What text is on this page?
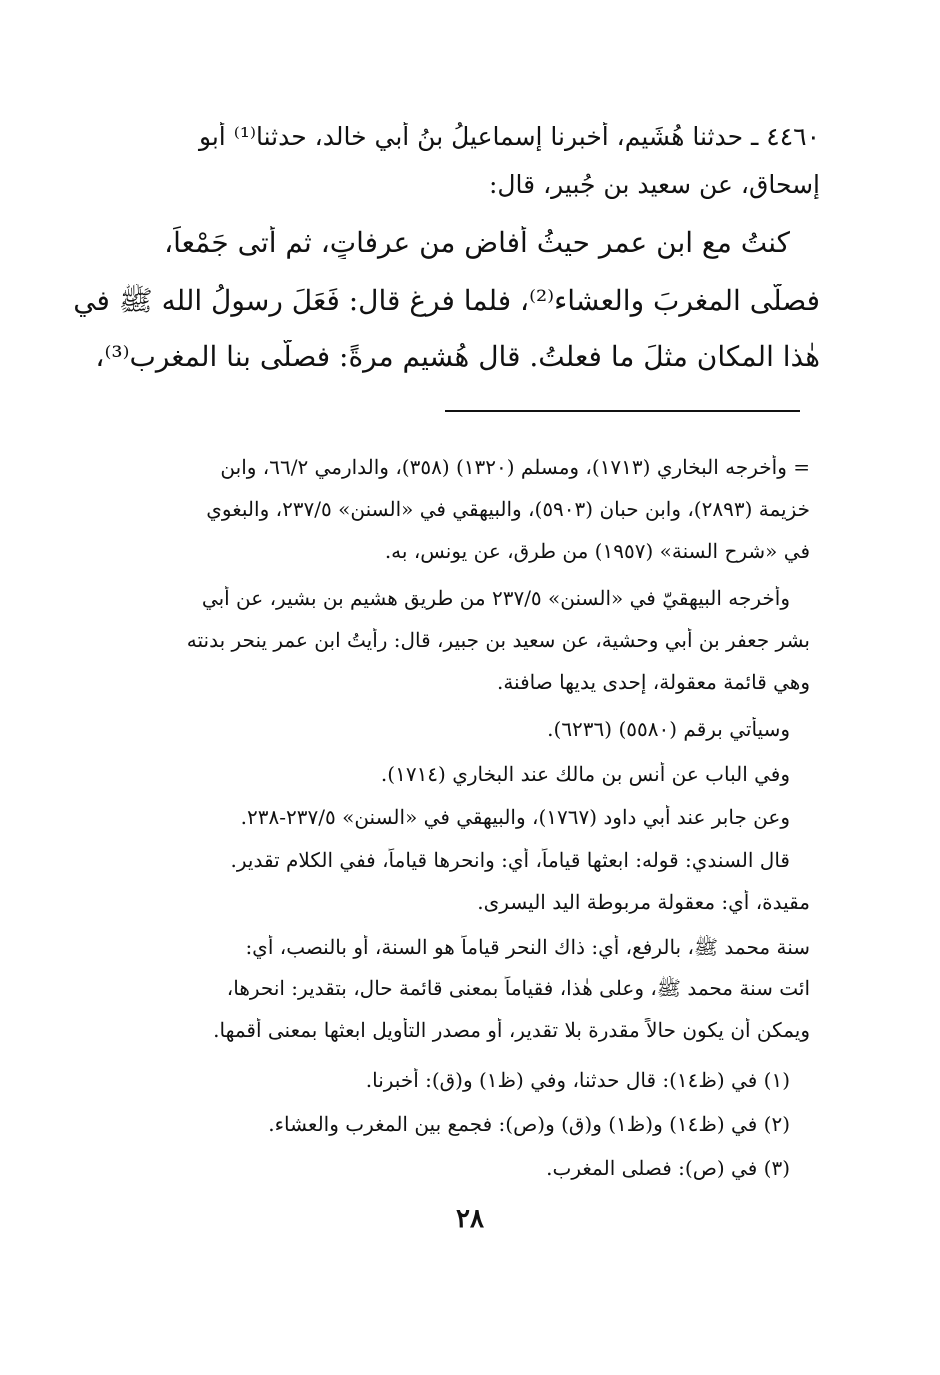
٤٤٦٠ ـ حدثنا هُشَيم، أخبرنا إسماعيلُ بنُ أبي خالد، حدثنا⁽¹⁾ أبو
إسحاق، عن سعيد بن جُبير، قال:
كنتُ مع ابن عمر حيثُ أفاض من عرفاتٍ، ثم أتى جَمْعاً،
فصلَّى المغربَ والعشاء⁽²⁾، فلما فرغ قال: فَعَلَ رسولُ الله ﷺ في
هٰذا المكان مثلَ ما فعلتُ. قال هُشيم مرةً: فصلَّى بنا المغرب⁽³⁾،
= وأخرجه البخاري (١٧١٣)، ومسلم (١٣٢٠) (٣٥٨)، والدارمي ٦٦/٢، وابن
خزيمة (٢٨٩٣)، وابن حبان (٥٩٠٣)، والبيهقي في «السنن» ٢٣٧/٥، والبغوي
في «شرح السنة» (١٩٥٧) من طرق، عن يونس، به.
وأخرجه البيهقيّ في «السنن» ٢٣٧/٥ من طريق هشيم بن بشير، عن أبي
بشر جعفر بن أبي وحشية، عن سعيد بن جبير، قال: رأيتُ ابن عمر ينحر بدنته
وهي قائمة معقولة، إحدى يديها صافنة.
وسيأتي برقم (٥٥٨٠) (٦٢٣٦).
وفي الباب عن أنس بن مالك عند البخاري (١٧١٤).
وعن جابر عند أبي داود (١٧٦٧)، والبيهقي في «السنن» ٢٣٧/٥-٢٣٨.
قال السندي: قوله: ابعثها قياماً، أي: وانحرها قياماً، ففي الكلام تقدير.
مقيدة، أي: معقولة مربوطة اليد اليسرى.
سنة محمد ﷺ، بالرفع، أي: ذاك النحر قياماً هو السنة، أو بالنصب، أي:
ائت سنة محمد ﷺ، وعلى هٰذا، فقياماً بمعنى قائمة حال، بتقدير: انحرها،
ويمكن أن يكون حالاً مقدرة بلا تقدير، أو مصدر التأويل ابعثها بمعنى أقمها.
(١) في (ظ١٤): قال حدثنا، وفي (ظ١) و(ق): أخبرنا.
(٢) في (ظ١٤) و(ظ١) و(ق) و(ص): فجمع بين المغرب والعشاء.
(٣) في (ص): فصلى المغرب.
٢٨
